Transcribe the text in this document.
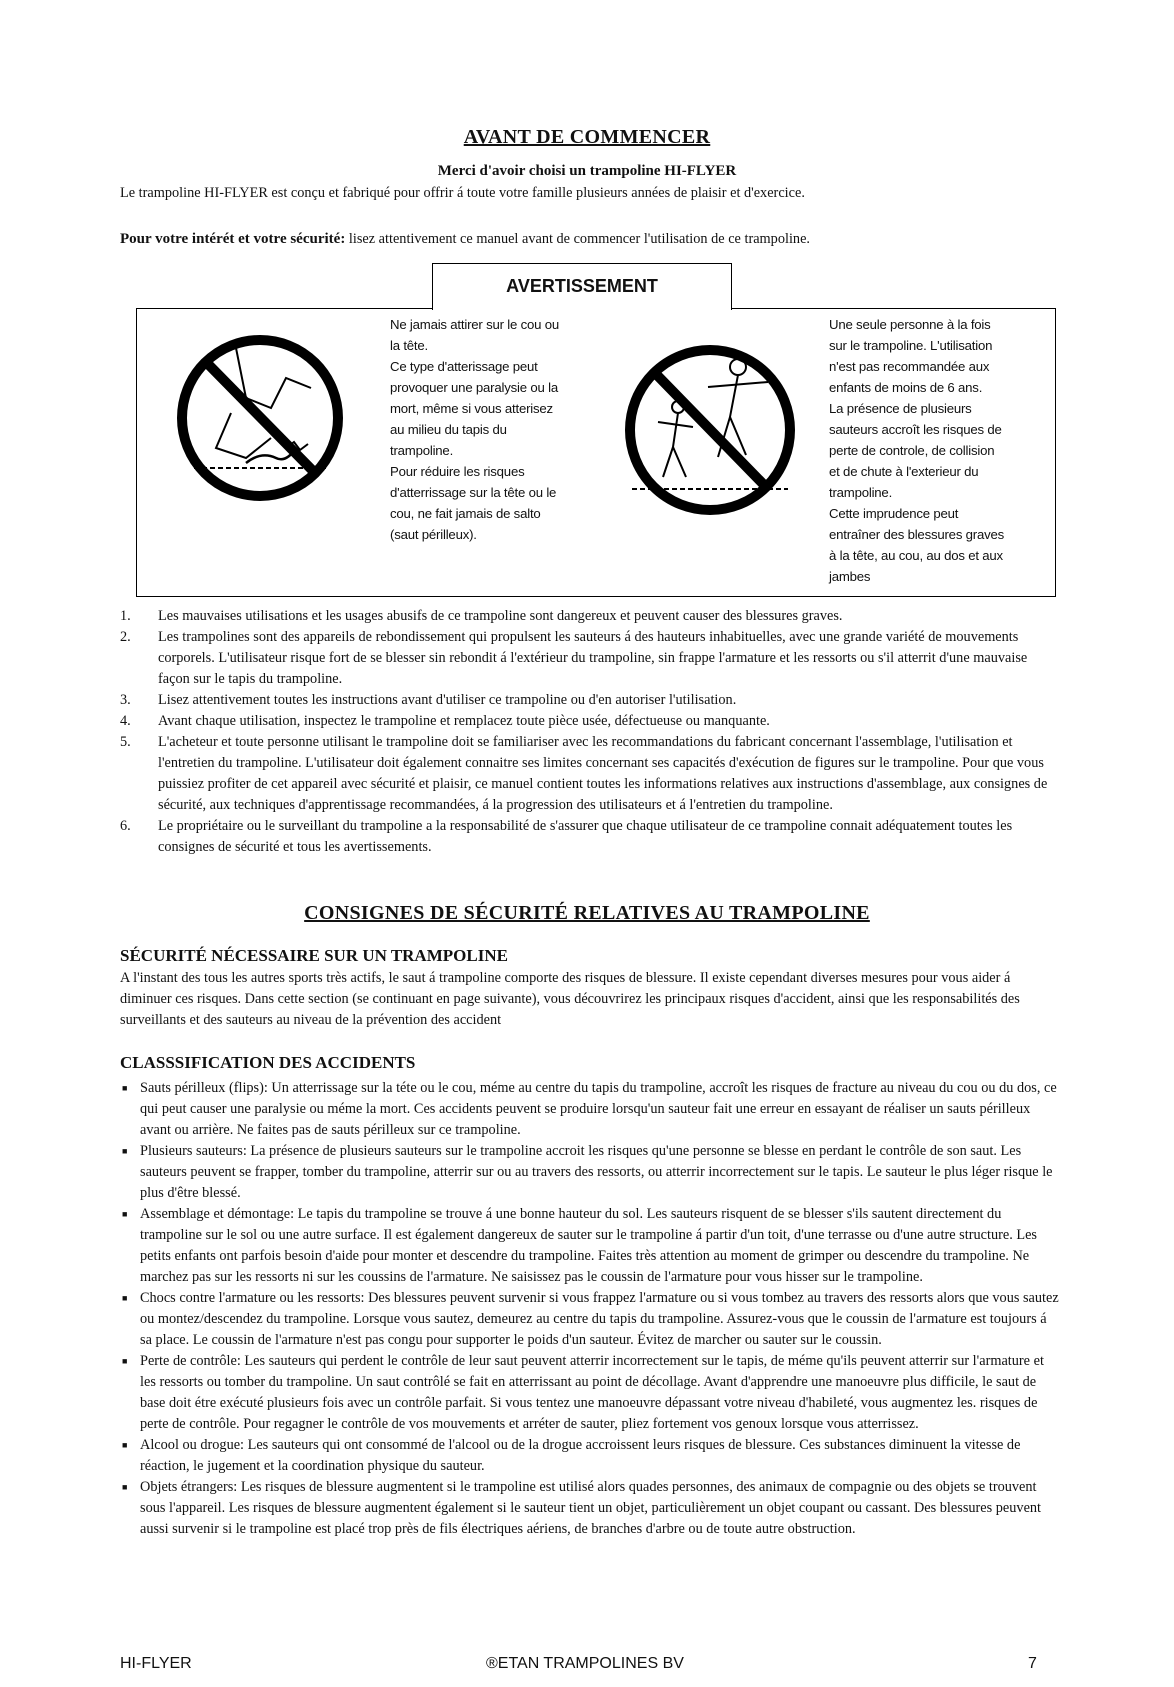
AVANT DE COMMENCER
Merci d'avoir choisi un trampoline HI-FLYER
Le trampoline HI-FLYER est conçu et fabriqué pour offrir á toute votre famille plusieurs années de plaisir et d'exercice.
Pour votre intérét et votre sécurité: lisez attentivement ce manuel avant de commencer l'utilisation de ce trampoline.
AVERTISSEMENT
Ne jamais attirer sur le cou ou
la tête.
Ce type d'atterissage peut
provoquer une paralysie ou la
mort, même si vous atterisez
au milieu du tapis du
trampoline.
Pour réduire les risques
d'atterrissage sur la tête ou le
cou, ne fait jamais de salto
(saut périlleux).
Une seule personne à la fois
sur le trampoline. L'utilisation
n'est pas recommandée aux
enfants de moins de 6 ans.
La présence de plusieurs
sauteurs accroît les risques de
perte de controle, de collision
et de chute à l'exterieur du
trampoline.
Cette imprudence peut
entraîner des blessures graves
à la tête, au cou, au dos et aux
jambes
1. Les mauvaises utilisations et les usages abusifs de ce trampoline sont dangereux et peuvent causer des blessures graves.
2. Les trampolines sont des appareils de rebondissement qui propulsent les sauteurs á des hauteurs inhabituelles, avec une grande variété de mouvements corporels. L'utilisateur risque fort de se blesser sin rebondit á l'extérieur du trampoline, sin frappe l'armature et les ressorts ou s'il atterrit d'une mauvaise façon sur le tapis du trampoline.
3. Lisez attentivement toutes les instructions avant d'utiliser ce trampoline ou d'en autoriser l'utilisation.
4. Avant chaque utilisation, inspectez le trampoline et remplacez toute pièce usée, défectueuse ou manquante.
5. L'acheteur et toute personne utilisant le trampoline doit se familiariser avec les recommandations du fabricant concernant l'assemblage, l'utilisation et l'entretien du trampoline. L'utilisateur doit également connaitre ses limites concernant ses capacités d'exécution de figures sur le trampoline. Pour que vous puissiez profiter de cet appareil avec sécurité et plaisir, ce manuel contient toutes les informations relatives aux instructions d'assemblage, aux consignes de sécurité, aux techniques d'apprentissage recommandées, á la progression des utilisateurs et á l'entretien du trampoline.
6. Le propriétaire ou le surveillant du trampoline a la responsabilité de s'assurer que chaque utilisateur de ce trampoline connait adéquatement toutes les consignes de sécurité et tous les avertissements.
CONSIGNES DE SÉCURITÉ RELATIVES AU TRAMPOLINE
SÉCURITÉ NÉCESSAIRE SUR UN TRAMPOLINE
A l'instant des tous les autres sports très actifs, le saut á trampoline comporte des risques de blessure. Il existe cependant diverses mesures pour vous aider á diminuer ces risques. Dans cette section (se continuant en page suivante), vous découvrirez les principaux risques d'accident, ainsi que les responsabilités des surveillants et des sauteurs au niveau de la prévention des accident
CLASSSIFICATION DES ACCIDENTS
■ Sauts périlleux (flips): Un atterrissage sur la téte ou le cou, méme au centre du tapis du trampoline, accroît les risques de fracture au niveau du cou ou du dos, ce qui peut causer une paralysie ou méme la mort. Ces accidents peuvent se produire lorsqu'un sauteur fait une erreur en essayant de réaliser un sauts périlleux avant ou arrière. Ne faites pas de sauts périlleux sur ce trampoline.
■ Plusieurs sauteurs: La présence de plusieurs sauteurs sur le trampoline accroit les risques qu'une personne se blesse en perdant le contrôle de son saut. Les sauteurs peuvent se frapper, tomber du trampoline, atterrir sur ou au travers des ressorts, ou atterrir incorrectement sur le tapis. Le sauteur le plus léger risque le plus d'être blessé.
■ Assemblage et démontage: Le tapis du trampoline se trouve á une bonne hauteur du sol. Les sauteurs risquent de se blesser s'ils sautent directement du trampoline sur le sol ou une autre surface. Il est également dangereux de sauter sur le trampoline á partir d'un toit, d'une terrasse ou d'une autre structure. Les petits enfants ont parfois besoin d'aide pour monter et descendre du trampoline. Faites très attention au moment de grimper ou descendre du trampoline. Ne marchez pas sur les ressorts ni sur les coussins de l'armature. Ne saisissez pas le coussin de l'armature pour vous hisser sur le trampoline.
■ Chocs contre l'armature ou les ressorts: Des blessures peuvent survenir si vous frappez l'armature ou si vous tombez au travers des ressorts alors que vous sautez ou montez/descendez du trampoline. Lorsque vous sautez, demeurez au centre du tapis du trampoline. Assurez-vous que le coussin de l'armature est toujours á sa place. Le coussin de l'armature n'est pas congu pour supporter le poids d'un sauteur. Évitez de marcher ou sauter sur le coussin.
■ Perte de contrôle: Les sauteurs qui perdent le contrôle de leur saut peuvent atterrir incorrectement sur le tapis, de méme qu'ils peuvent atterrir sur l'armature et les ressorts ou tomber du trampoline. Un saut contrôlé se fait en atterrissant au point de décollage. Avant d'apprendre une manoeuvre plus difficile, le saut de base doit étre exécuté plusieurs fois avec un contrôle parfait. Si vous tentez une manoeuvre dépassant votre niveau d'habileté, vous augmentez les. risques de perte de contrôle. Pour regagner le contrôle de vos mouvements et arréter de sauter, pliez fortement vos genoux lorsque vous atterrissez.
■ Alcool ou drogue: Les sauteurs qui ont consommé de l'alcool ou de la drogue accroissent leurs risques de blessure. Ces substances diminuent la vitesse de réaction, le jugement et la coordination physique du sauteur.
■ Objets étrangers: Les risques de blessure augmentent si le trampoline est utilisé alors quades personnes, des animaux de compagnie ou des objets se trouvent sous l'appareil. Les risques de blessure augmentent également si le sauteur tient un objet, particulièrement un objet coupant ou cassant. Des blessures peuvent aussi survenir si le trampoline est placé trop près de fils électriques aériens, de branches d'arbre ou de toute autre obstruction.
HI-FLYER	®ETAN TRAMPOLINES BV	7
